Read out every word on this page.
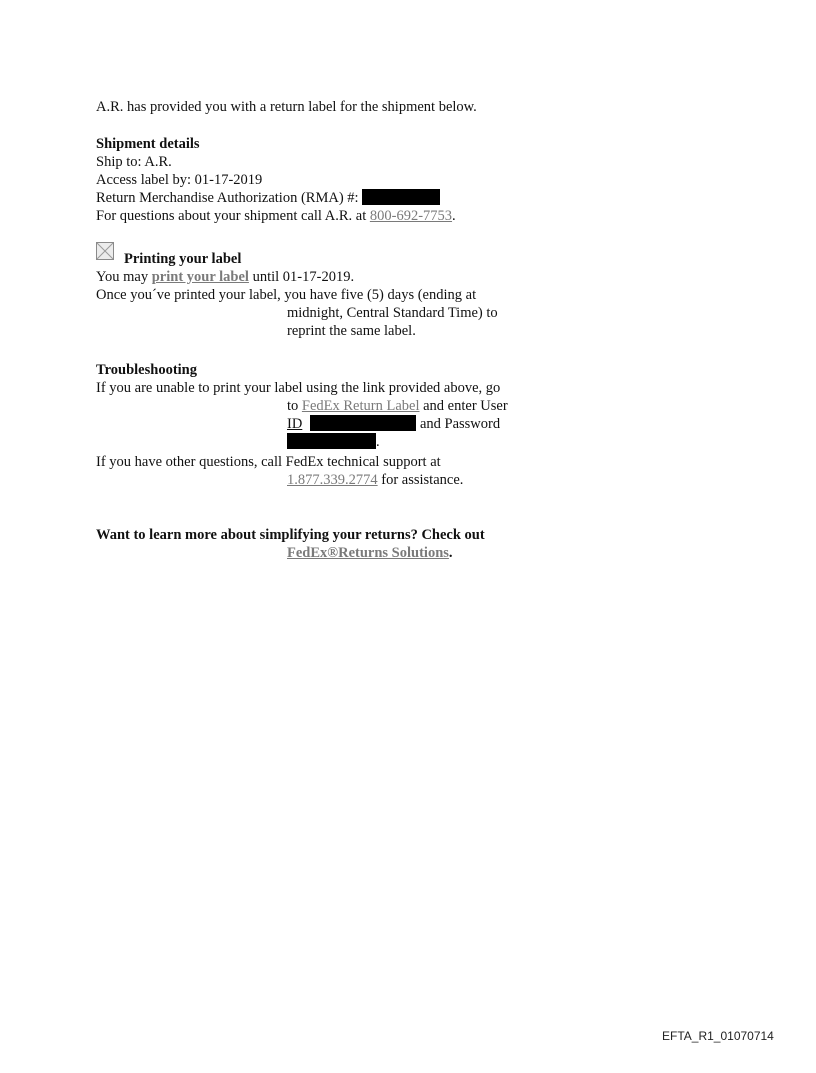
A.R. has provided you with a return label for the shipment below.
Shipment details
Ship to: A.R.
Access label by: 01-17-2019
Return Merchandise Authorization (RMA) #:
For questions about your shipment call A.R. at 800-692-7753.
Printing your label
You may print your label until 01-17-2019.
Once you´ve printed your label, you have five (5) days (ending at
midnight, Central Standard Time) to
reprint the same label.
Troubleshooting
If you are unable to print your label using the link provided above, go
to FedEx Return Label and enter User
ID	and Password
.
If you have other questions, call FedEx technical support at
1.877.339.2774 for assistance.
Want to learn more about simplifying your returns? Check out
FedEx®Returns Solutions.
EFTA_R1_01070714
